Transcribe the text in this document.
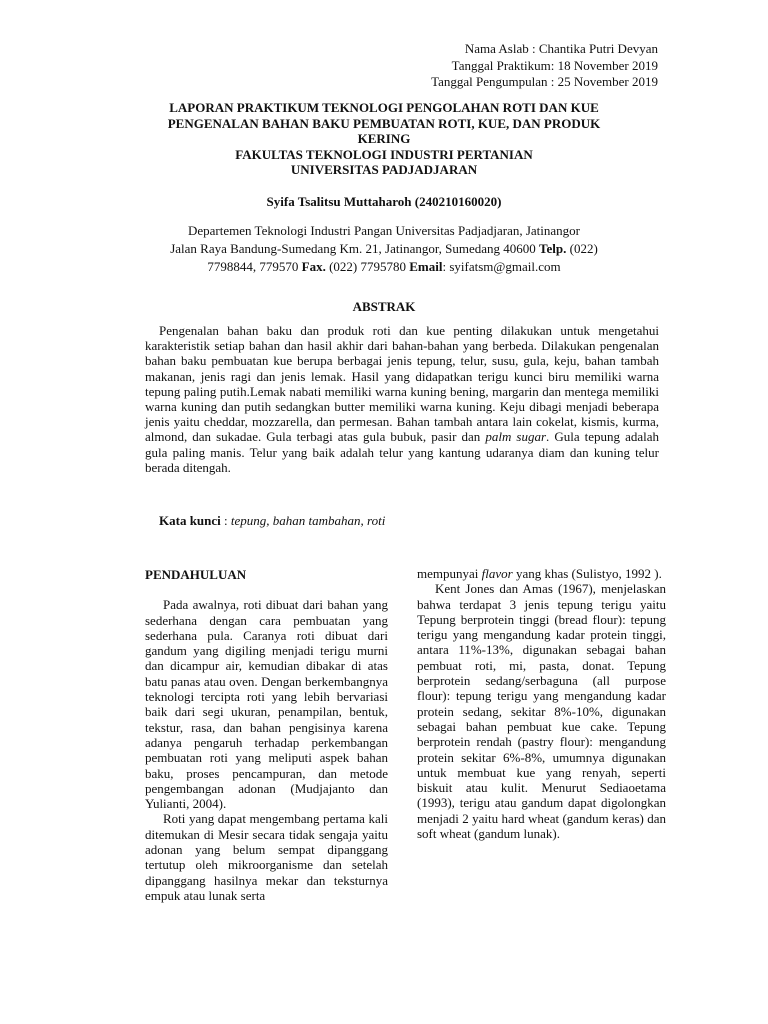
Nama Aslab : Chantika Putri Devyan
Tanggal Praktikum: 18 November 2019
Tanggal Pengumpulan : 25 November 2019
LAPORAN PRAKTIKUM TEKNOLOGI PENGOLAHAN ROTI DAN KUE
PENGENALAN BAHAN BAKU PEMBUATAN ROTI, KUE, DAN PRODUK
KERING
FAKULTAS TEKNOLOGI INDUSTRI PERTANIAN
UNIVERSITAS PADJADJARAN
Syifa Tsalitsu Muttaharoh (240210160020)
Departemen Teknologi Industri Pangan Universitas Padjadjaran, Jatinangor
Jalan Raya Bandung-Sumedang Km. 21, Jatinangor, Sumedang 40600 Telp. (022)
7798844, 779570 Fax. (022) 7795780 Email: syifatsm@gmail.com
ABSTRAK

Pengenalan bahan baku dan produk roti dan kue penting dilakukan untuk mengetahui karakteristik setiap bahan dan hasil akhir dari bahan-bahan yang berbeda. Dilakukan pengenalan bahan baku pembuatan kue berupa berbagai jenis tepung, telur, susu, gula, keju, bahan tambah makanan, jenis ragi dan jenis lemak. Hasil yang didapatkan terigu kunci biru memiliki warna tepung paling putih.Lemak nabati memiliki warna kuning bening, margarin dan mentega memiliki warna kuning dan putih sedangkan butter memiliki warna kuning. Keju dibagi menjadi beberapa jenis yaitu cheddar, mozzarella, dan permesan. Bahan tambah antara lain cokelat, kismis, kurma, almond, dan sukadae. Gula terbagi atas gula bubuk, pasir dan palm sugar. Gula tepung adalah gula paling manis. Telur yang baik adalah telur yang kantung udaranya diam dan kuning telur berada ditengah.

Kata kunci : tepung, bahan tambahan, roti
PENDAHULUAN

Pada awalnya, roti dibuat dari bahan yang sederhana dengan cara pembuatan yang sederhana pula. Caranya roti dibuat dari gandum yang digiling menjadi terigu murni dan dicampur air, kemudian dibakar di atas batu panas atau oven. Dengan berkembangnya teknologi tercipta roti yang lebih bervariasi baik dari segi ukuran, penampilan, bentuk, tekstur, rasa, dan bahan pengisinya karena adanya pengaruh terhadap perkembangan pembuatan roti yang meliputi aspek bahan baku, proses pencampuran, dan metode pengembangan adonan (Mudjajanto dan Yulianti, 2004).

Roti yang dapat mengembang pertama kali ditemukan di Mesir secara tidak sengaja yaitu adonan yang belum sempat dipanggang tertutup oleh mikroorganisme dan setelah dipanggang hasilnya mekar dan teksturnya empuk atau lunak serta

mempunyai flavor yang khas (Sulistyo, 1992 ).

Kent Jones dan Amas (1967), menjelaskan bahwa terdapat 3 jenis tepung terigu yaitu Tepung berprotein tinggi (bread flour): tepung terigu yang mengandung kadar protein tinggi, antara 11%-13%, digunakan sebagai bahan pembuat roti, mi, pasta, donat. Tepung berprotein sedang/serbaguna (all purpose flour): tepung terigu yang mengandung kadar protein sedang, sekitar 8%-10%, digunakan sebagai bahan pembuat kue cake. Tepung berprotein rendah (pastry flour): mengandung protein sekitar 6%-8%, umumnya digunakan untuk membuat kue yang renyah, seperti biskuit atau kulit. Menurut Sediaoetama (1993), terigu atau gandum dapat digolongkan menjadi 2 yaitu hard wheat (gandum keras) dan soft wheat (gandum lunak).
